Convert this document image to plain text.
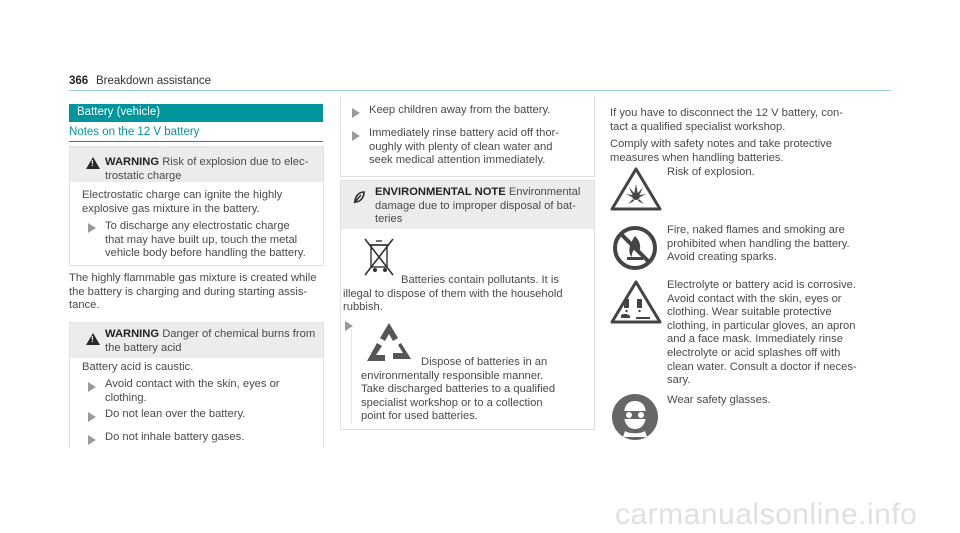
366 Breakdown assistance
Battery (vehicle)
Notes on the 12 V battery
!
WARNING Risk of explosion due to elec-
trostatic charge
Electrostatic charge can ignite the highly
explosive gas mixture in the battery.
To discharge any electrostatic charge
that may have built up, touch the metal
vehicle body before handling the battery.
The highly flammable gas mixture is created while
the battery is charging and during starting assis-
tance.
!
WARNING Danger of chemical burns from
the battery acid
Battery acid is caustic.
Avoid contact with the skin, eyes or
clothing.
Do not lean over the battery.
Do not inhale battery gases.
Keep children away from the battery.
Immediately rinse battery acid off thor-
oughly with plenty of clean water and
seek medical attention immediately.
ENVIRONMENTAL NOTE Environmental
damage due to improper disposal of bat-
teries
Batteries contain pollutants. It is
illegal to dispose of them with the household
rubbish.
Dispose of batteries in an
environmentally responsible manner.
Take discharged batteries to a qualified
specialist workshop or to a collection
point for used batteries.
If you have to disconnect the 12 V battery, con-
tact a qualified specialist workshop.
Comply with safety notes and take protective
measures when handling batteries.
Risk of explosion.
Fire, naked flames and smoking are
prohibited when handling the battery.
Avoid creating sparks.
Electrolyte or battery acid is corrosive.
Avoid contact with the skin, eyes or
clothing. Wear suitable protective
clothing, in particular gloves, an apron
and a face mask. Immediately rinse
electrolyte or acid splashes off with
clean water. Consult a doctor if neces-
sary.
Wear safety glasses.
carmanualsonline.info
